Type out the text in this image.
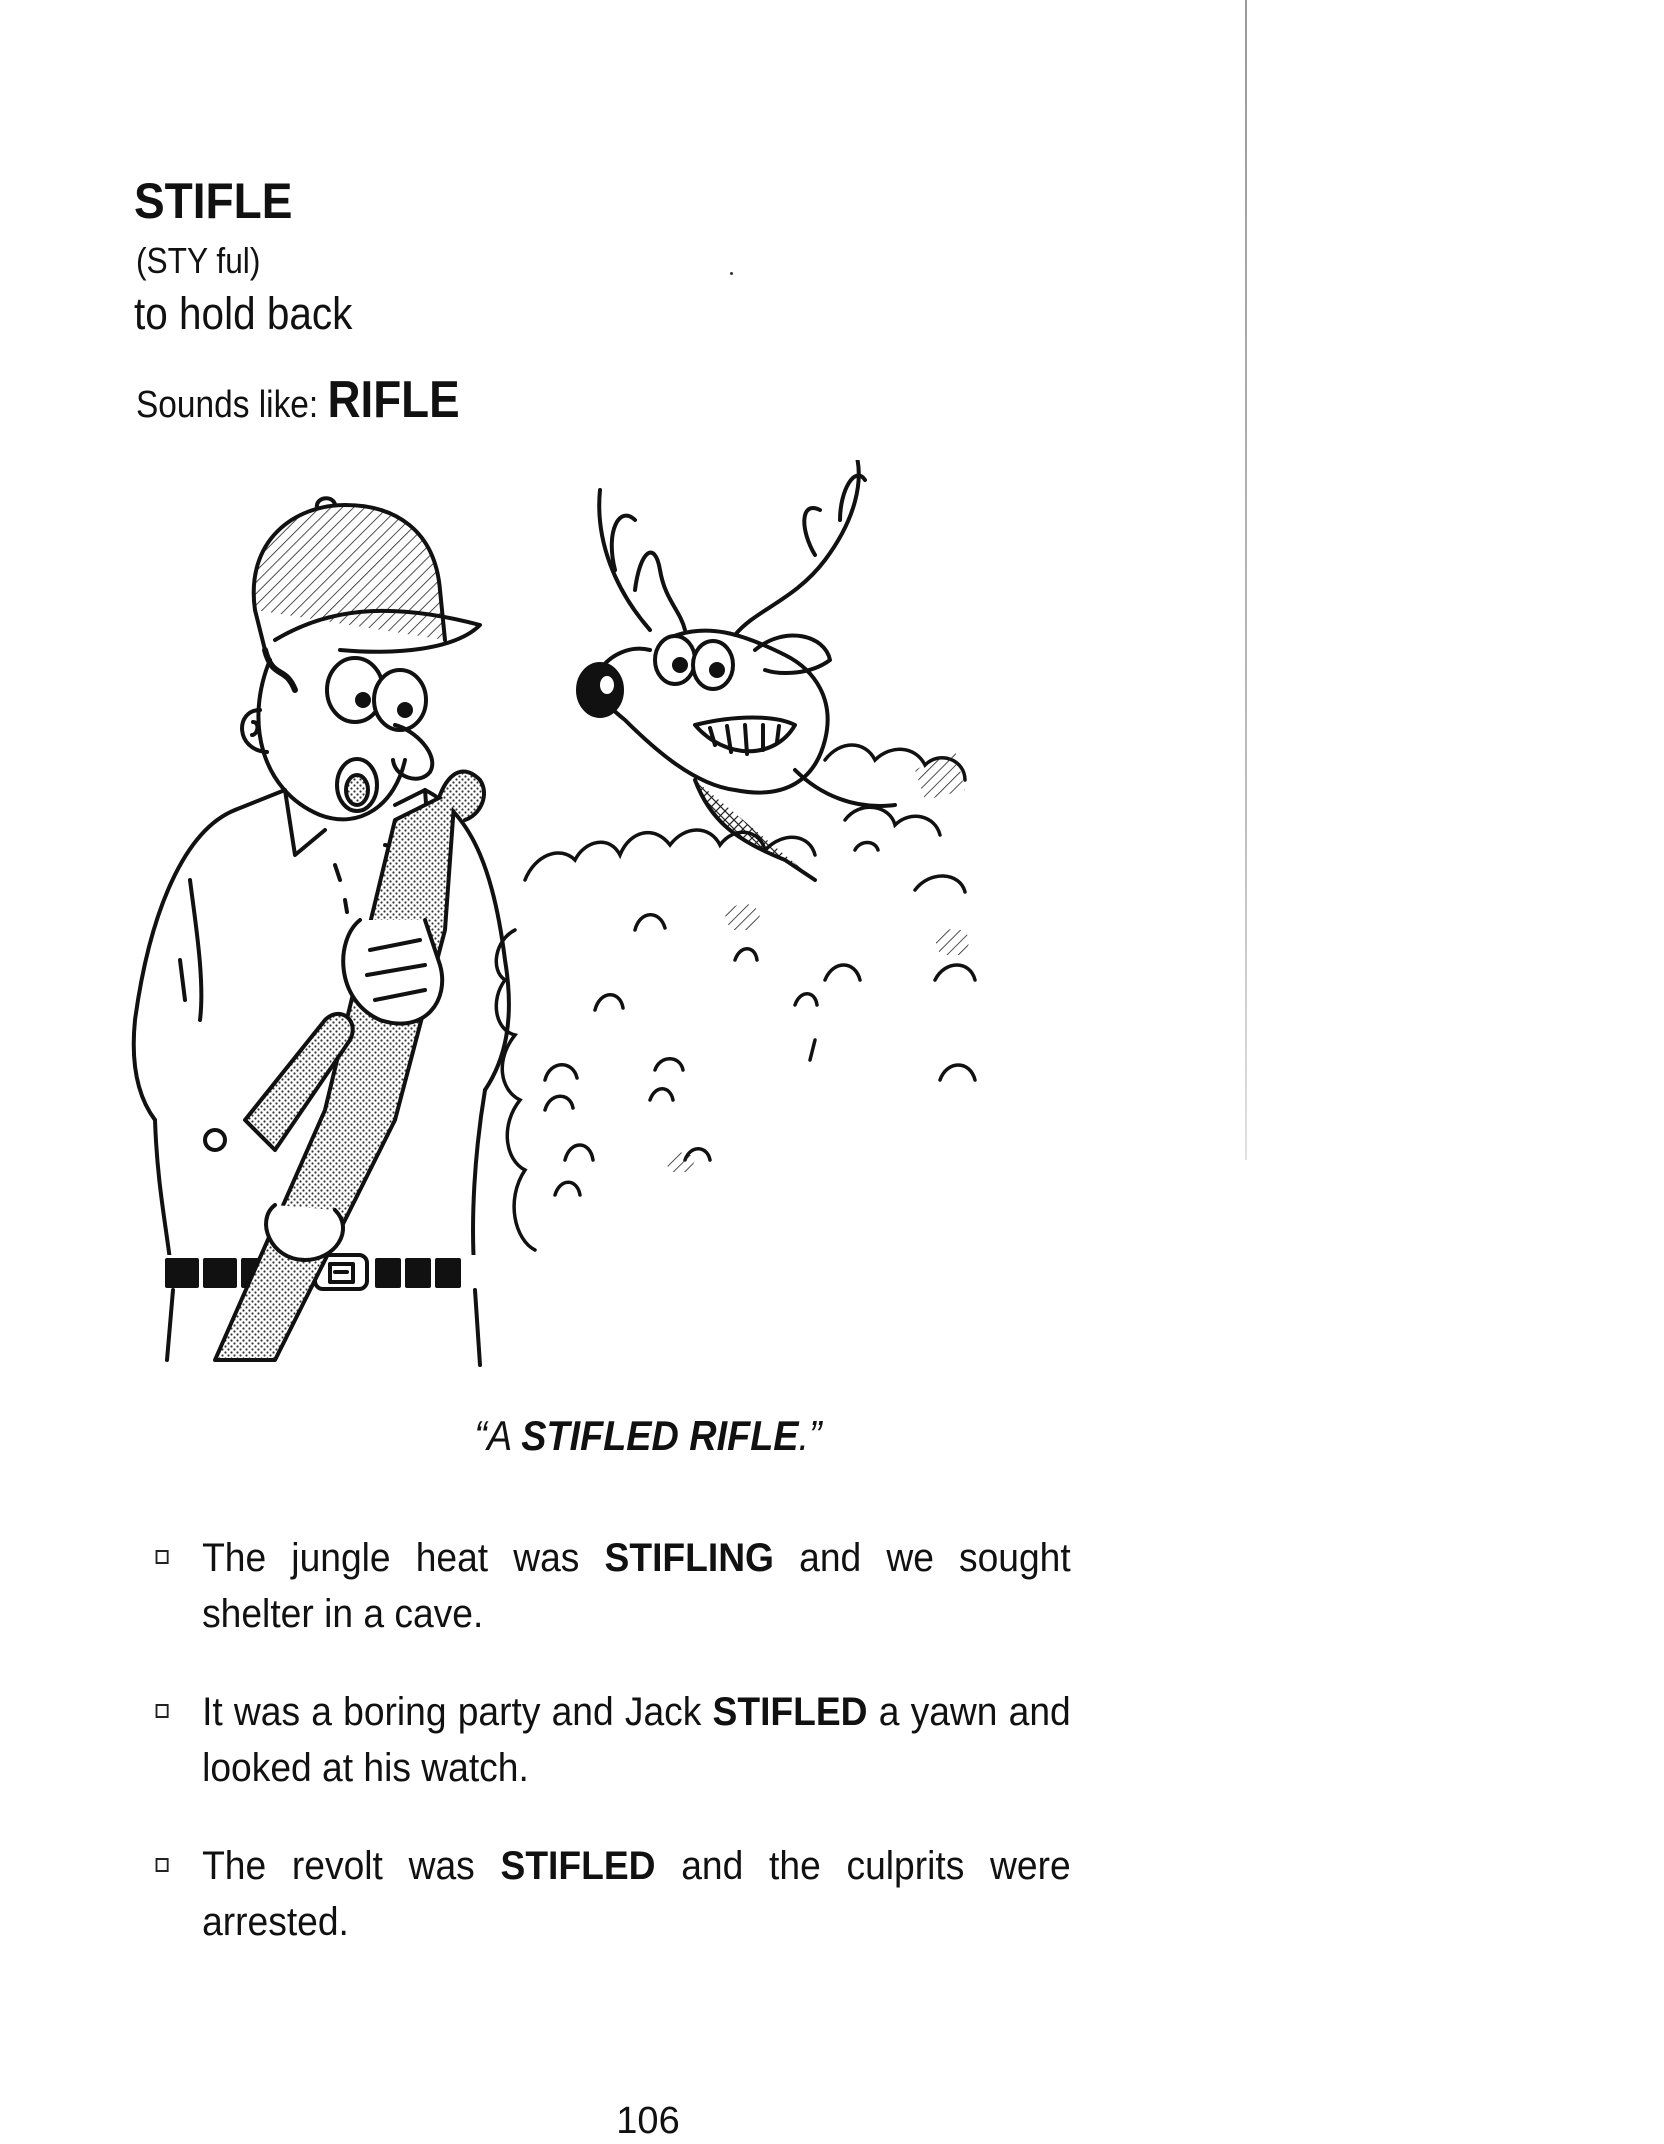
STIFLE
(STY ful)
to hold back
Sounds like: RIFLE
“A STIFLED RIFLE.”
The jungle heat was STIFLING and we sought shelter in a cave.
It was a boring party and Jack STIFLED a yawn and looked at his watch.
The revolt was STIFLED and the culprits were arrested.
106
